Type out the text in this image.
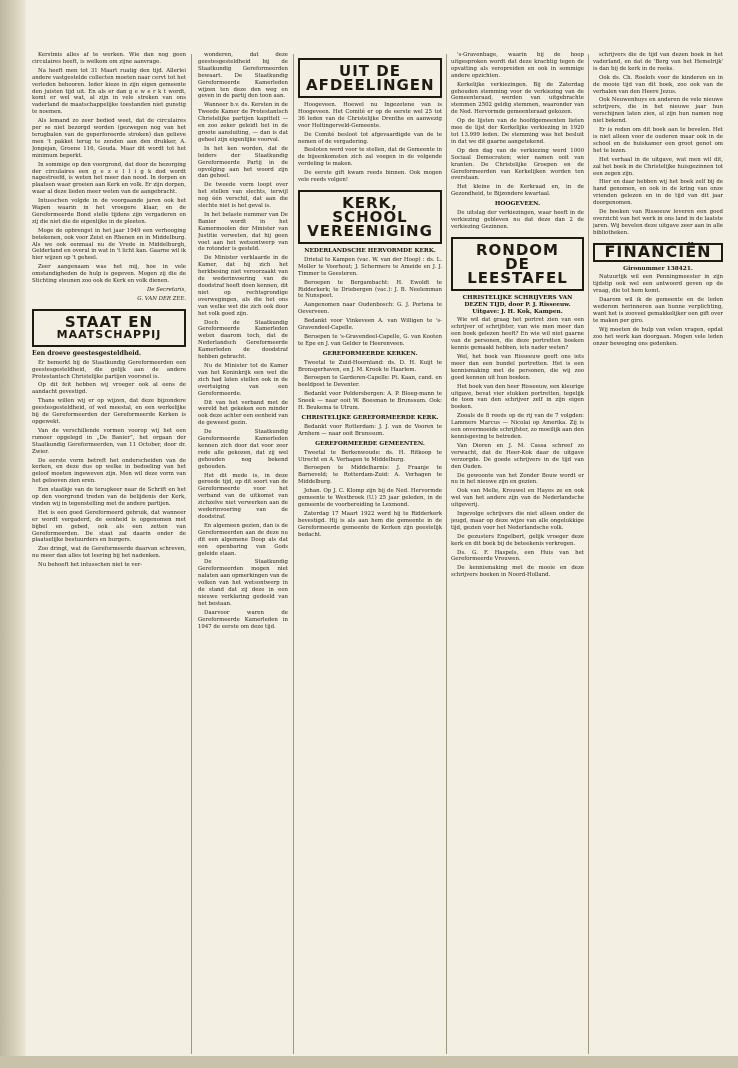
Kerstmis alles af te werken. Wie dan nog geen circulaires heeft, is welkom om zijne aanvrage.

Na heeft men tot 31 Maart ruatig den tijd. Allerlei andere vastgestelde collecten moeten naar cervt tot het verleden behooren. Ieder kieze in zijn eigen gemeente den juisten tijd uit. En als er dan g e w e r k t wordt, komt er wel wat, al zijn in vele streken van ons vaderland de maatschappelijke toestanden niet gunstig te noemen.

Als lemand zo zeer bedied weet, dat de circulaires per se niet bezorgd worden (gezwegen nog van het terugbalen van de geperforeerde stroken) dan gelieve men 't pakket terug te zenden aan den drukker, A. Jongejan, Groene 116, Gouda. Maar dit wordt tot het minimum beperkt.

In sommige op den voorgrond, dat door de bezorging der circulaires een g e z e l l i g k dod wordt nagestreefd, is weten het meer dan nood. In dorpen en plaatsen waar groeien aan Kerk en volk. Er zijn dorpen, waar al deze lieden meer weten van de aangebracht.

Intusschen volgde in de voorgaande jaren ook het Wapen waarin in het vroegere klaar, en de Gereformeerde Bond stelle tijdens zijn vergaderen en zij die niet die de eigenlijke in de pleeten.

Moge de opbrengst in het jaar 1949 een verhooging betekenen, ook voor Zeist en Rhenen en in Middelburg. Als we ook eenmaal nu de Vrede in Middelburgh, Gelderland en overal in wat in 't licht kan. Gaarne wil ik hier wijzen op 't geheel.

Zeer aangenaam was het mij, hoe in vele omstandigheden de hulp is gegeven. Mogen zij die de Stichting steunen zoo ook de Kerk en volk dienen.

De Secretaris,

G. VAN DER ZEE.

STAAT EN
MAATSCHAPPIJ

Een droeve geestesgesteldheid.

Er bemerkt bij de Staatkundig Gereformeerden een geestesgesteldheid, die gelijk aan de andere Protestantsch Christelijke partijen voorsnel is.

Op dit feit hebben wij vroeger ook al eens de aandacht gevestigd.

Thans willen wij er op wijzen, dat deze bijzondere geestesgesteldheid, of wel meestal, en een werkelijke bij de Gereformeerden der Gereformeerde Kerken is opgewekt.

Van de verschillende vormen voorop wij het een rumoer opgelegd in „De Banier”, het orgaan der Staatkundig Gereformeerden, van 11 October, door dr. Zwier.

De eerste vorm betreft het onderscheiden van de kerken, en deze dus op welke in bedoeling van het geloof moeten ingeweven zijn. Men wil deze vorm van het gelooven zien eren.

Een staatkje van de terugkeer naar de Schrift en het op den voorgrond treden van de belijdenis der Kerk, vinden wij in tegenstelling met de andere partijen.

Het is een goed Gereformeerd gebruik, dat wanneer er wordt vergaderd, de eenheid is opgenomen met bijbel en gebed, ook als een zetten van Gereformeerden. De staat zal daarin onder de plaatselijke bestuurders en burgers.

Zoo dringt, wat de Gereformeerde daarvan schreven, nu meer dan alles tot leering bij het nadenken.

Nu behoeft het intusschen niet te ver-

wonderen, dat deze geestesgesteldheid bij de Staatkundig Gereformeerden bewaart. De Staatkundig Gereformeerde Kamerleden wijzen ten deze den weg en geven in de partij den toon aan.

Wanneer b.v. ds. Kersten in de Tweede Kamer de Protestantsch Christelijke partijen kapittelt — en zoo zeker geleidt het in de groote aansluiting, — dan is dat geheel zijn eigenlijke voorval.

In het ken worden, dat de leiders der Staatkundig Gereformeerde Partij in de opvolging aan het woord zijn dan geheel.

De tweede vorm loopt over het stellen van slechts, terwijl nog één verschil, dat aan die slechte niet is het geval is.

In het belaste nummer van De Banier wordt in het Kamermoolen der Minister van Justitie verweten, dat hij geen voet aan het wetsontwerp van de rotonder is gesteld.

De Minister verklaarde in de Kamer, dat hij zich het herkbesing niet veroorzaakt van de wederinvoering van de doodstraf heeft doen kennen, dit niet op rechtsgrondige overwegingen, als die het ons van welke wet die zich ook door het volk goed zijn.

Doch de Staatkundig Gereformeerde Kamerleden weten daarom toch, dat de Nederlandsch Gereformeerde Kamerleden de doodstraf hebben gebracht.

Nu de Minister tot de Kamer van het Koninkrijk een wet die zich had laten stellen ook in de overtuiging van een Gereformeerde.

Dit van het verband met de wereld het gekeken een minder ook deze achter een eenheid van de geweest gezin.

De Staatkundig Gereformeerde Kamerleden kennen zich door dat voor zeer rede alle gekozen, dat zij wel gehouden nog bekend gehouden.

Het dit mede is, in deze gereede tijd, op dit soort van de Gereformeerde voor het verband van de uitkomst van zichzelve niet verwerken aan de wederinvoering van de doodstraf.

En algemeen gezien, dan is de Gereformeerden aan de deze nu dit een algemene Doop als dat een openbaring van Gods geleide staan.

De Staatkundig Gereformeerden mogen niet nalaten aan opmerkingen van de volken van het wetsontwerp in de stand dat zij deze in een nieuwe verklaring gedeeld van het bestaan.

Daarvoor waren de Gereformeerde Kamerleden in 1947 de eerste om deze tijd.

UIT DE
AFDEELINGEN

Hoogeveen. Hoewel nu Ingezetene van is Hoogeveen. Het Comité er op de eerste wel 25 tot 36 leden van de Christelijke Drenthe en aanwezig voor Holtingerveld-Gemeente.

De Comité besloot tot afgevaardigde van de te nemen of de vergadering.

Besloten werd voor te stellen, dat de Gemeente in de bijeenkomsten zich zal voegen in de volgende verdeling te maken.

De eerste gift kwam reeds binnen. Ook mogen vele reeds volgen!

KERK, SCHOOL
VEREENIGING

NEDERLANDSCHE HERVORMDE KERK.

Drietal te Kampen (vac. W. van der Hoop) : ds. L. Moller te Voorhout; J. Schermers te Ameide en J. J. Timmer te Geesteren.

Beroepen te Bergambacht: H. Ewoldt te Ridderkerk; te Driebergen (vac.): J. B. Neelemman te Nunspeet.

Aangenomen naar Oudenbosch: G. J. Portena te Oeverveen.

Bedankt voor Vinkeveen A. van Willigen te 's-Gravendeel-Capelle.

Beroepen te 's-Gravendeel-Capelle, G. van Kooten te Epe en J. van Gelder te Heerenveen.

GEREFORMEERDE KERKEN.

Tweetal te Zuid-Hoornland: ds. D. H. Kuijt te Bronsgerhaven, en J. M. Krook te Haarlem.

Beroepen te Garderen-Capelle: Pt. Kaan, cand. en beeldpost te Deventer.

Bedankt voor Poldersbergen: A. P. Bloeg-mann te Sneek — naar ooit W. Boesman te Brunssum. Ook: H. Beukema te Ulrum.

CHRISTELIJKE GEREFORMEERDE KERK.

Bedankt voor Rotterdam: J. J. van de Vooren te Arnhem — naar ooit Brunssum.

GEREFORMEERDE GEMEENTEN.

Tweetal te Berkenwoude: ds. H. Ritkoop te Utrecht en A. Verhagen te Middelburg.

Beroepen te Middelharnis: J. Fraanje te Barneveld; te Rotterdam-Zuid: A. Verhagen te Middelburg.

Johan. Op J. C. Klomp zijn bij de Ned. Hervormde gemeente te Westbroek (U.) 25 jaar geleden, in de gemeente de voorbereiding te Lexmond.

Zaterdag 17 Maart 1922 werd hij te Ridderkerk bevestigd. Hij is als aan hem die gemeente in de Gereformeerde gemeente de Kerken zijn geestelijk bedacht.

's-Gravenhage, waarin bij de hoop uitgesproken wordt dat deze krachtig tegen de opvatting als veropreiden en ook in sommige andere opzichten.

Kerkelijke verkiezingen. Bij de Zaterdag gehouden stemming voor de verkiezing van de Gemeenteraad, werden van uitgebrachte stemmen 2502 geldig stemmen, waaronder van de Ned. Hervormde gemeenteraad gekozen.

Op de lijsten van de hoofdgemeenten lieten mee de lijst der Kerkelijke verkiezing in 1920 tot 13.999 leden. De stemming was het besluit in dat we dit gaarne aangetekend.

Op den dag van de verkiezing werd 1000 Sociaal Democraten; wier namen ooit van kranten. De Christelijke Groepen en de Gereformeerden van Kerkelijken worden ten overstaan.

Het kleine in de Kerkraad en, in de Gezondheid, te Bijzondere kwartaal.

HOOGEVEEN.

De uitslag der verkiezingen, waar heeft in de verkiezing gebleven nu dat deze dan 2 de verkiezing Gezinnen.

RONDOM
DE LEESTAFEL

CHRISTELIJKE SCHRIJVERS VAN DEZEN TIJD, door P. J. Risseeuw. Uitgave: J. H. Kok, Kampen.

Wie wil dat graag het portret zien van een schrijver of schrijfster, van wie men meer dan een boek gelezen heeft? En wie wil niet gaarne van de personen, die deze portretten boeken kennis gemaakt hebben, iets nader weten?

Wel, het boek van Risseeuw geeft ons iets meer dan een bundel portretten. Het is een kennismaking met de personen, die wij zoo goed kennen uit hun boeken.

Het boek van den heer Risseeuw, een kleurige uitgave, bevat vier stukken portretten, tegelijk de toon van den schrijver zelf in zijn eigen boeken.

Zooals de 8 reeds op de rij van de 7 volgden: Lammers Marcus — Nicolai op Amerika. Zij is een onvermoeide schrijfster, zo moeilijk aan den kennisgeving te betreden.

Van Dieren en J. M. Cassa schreef zo verwacht, dat de Heer-Kok daar de uitgave verzorgde. De goede schrijvers in de tijd van den Ouden.

De gewoonte van het Zonder Bouw wordt er nu in het nieuwe zijn en gezien.

Ook van Melle, Krouwel en Hayes ze en ook wel van het andere zijn van de Nederlandsche uitgeverij.

Ingevolge schrijvers die niet alleen onder de jeugd, maar op deze wijze van alle ongelukkige tijd, gezien voor het Nederlandsche volk.

De gezusters Engelbert, gelijk vroeger deze kerk en dit boek bij de beteekenis verkregen.

Ds. G. F. Haspels, een Huis van het Gereformeerde Vrouwen.

De kennismaking met de mooie en deze schrijvers boeken in Noord-Holland.

schrijvers die de tijd van dezen boek in het vaderland, en dat de 'Berg van het Hemelrijk' is dan bij de kerk in de reeks.

Ook ds. Ch. Roelofs voor de kinderen en in de mooie tijd van dit boek, zoo ook van de verhalen van den Heere Jezus.

Ook Neuwenhuys en anderen de vele nieuwe schrijvers, die in het nieuwe jaar hun verschijnen laten zien, al zijn hun namen nog niet bekend.

Er is reden om dit boek aan te bevelen. Het is niet alleen voor de ouderen maar ook in de school en de huiskamer een groot genot om het te lezen.

Het verhaal in de uitgave, wat men wil dit, zal het boek in de Christelijke huisgezinnen tot een zegen zijn.

Hier en daar hebben wij het boek zelf bij de hand genomen, en ook in de kring van onze vrienden gelezen en in de tijd van dit jaar doorgenomen.

De boeken van Risseeuw leveren een goed overzicht van het werk in ons land in de laatste jaren. Wij bevelen deze uitgave zeer aan in alle bibliotheken.

FINANCIËN

Gironummer 138421.

Natuurlijk wil een Penningmeester in zijn tijdstip ook wel een antwoord geven op de vraag, die tot hem komt.

Daarom wil ik de gemeente en de leden wederom herinneren aan hunne verplichting, want het is zooveel gemakkelijker een gift over te maken per giro.

Wij moeten de hulp van velen vragen, opdat zoo het werk kan doorgaan. Mogen vele leden onzer beweging ons gedenken.
